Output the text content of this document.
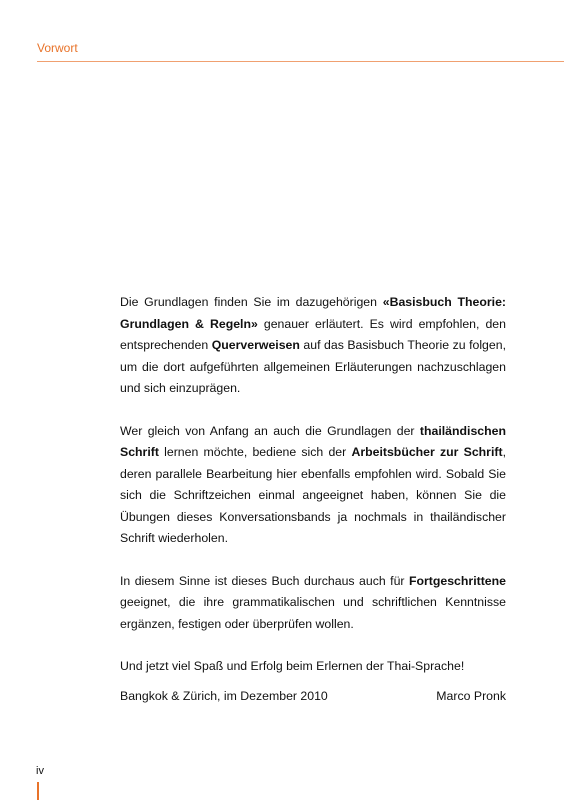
Vorwort

Die Grundlagen finden Sie im dazugehörigen «Basisbuch Theorie: Grundlagen & Regeln» genauer erläutert. Es wird empfohlen, den entsprechenden Querverweisen auf das Basisbuch Theorie zu folgen, um die dort aufgeführten allgemeinen Erläuterungen nachzuschlagen und sich einzuprägen.

Wer gleich von Anfang an auch die Grundlagen der thailändischen Schrift lernen möchte, bediene sich der Arbeitsbücher zur Schrift, deren parallele Bearbeitung hier ebenfalls empfohlen wird. Sobald Sie sich die Schriftzeichen einmal angeeignet haben, können Sie die Übungen dieses Konversationsbands ja nochmals in thailändischer Schrift wiederholen.

In diesem Sinne ist dieses Buch durchaus auch für Fortgeschrittene geeignet, die ihre grammatikalischen und schriftlichen Kenntnisse ergänzen, festigen oder überprüfen wollen.

Und jetzt viel Spaß und Erfolg beim Erlernen der Thai-Sprache!
Bangkok & Zürich, im Dezember 2010	Marco Pronk
iv
